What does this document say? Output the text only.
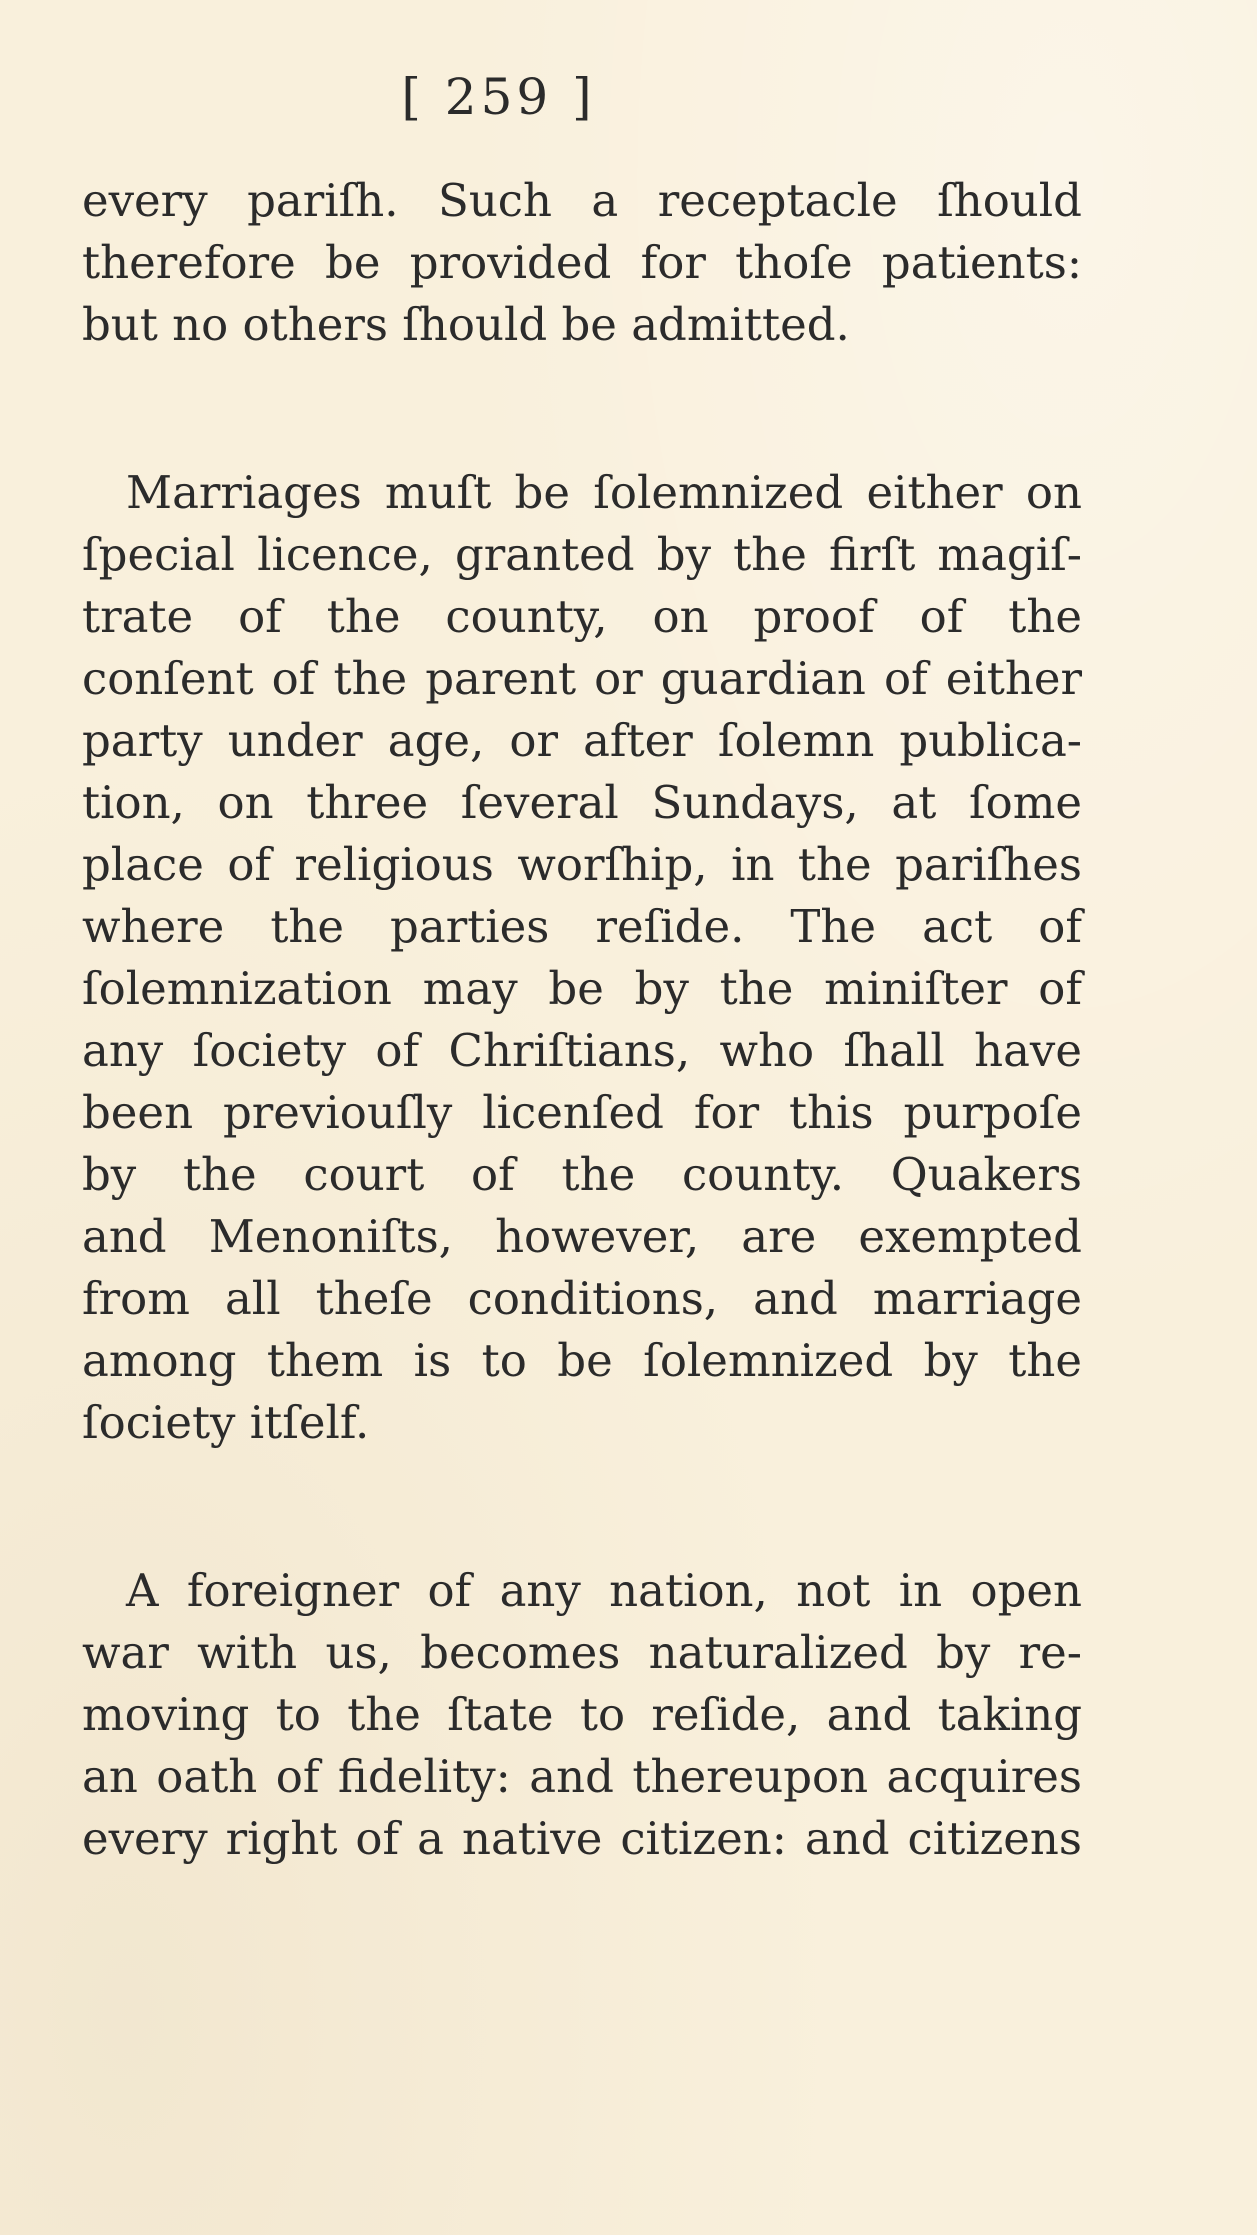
[ 259 ]
every pariſh. Such a receptacle ſhould
therefore be provided for thoſe patients:
but no others ſhould be admitted.
Marriages muſt be ſolemnized either on
ſpecial licence, granted by the firſt magiſ-
trate of the county, on proof of the
conſent of the parent or guardian of either
party under age, or after ſolemn publica-
tion, on three ſeveral Sundays, at ſome
place of religious worſhip, in the pariſhes
where the parties reſide. The act of
ſolemnization may be by the miniſter of
any ſociety of Chriſtians, who ſhall have
been previouſly licenſed for this purpoſe
by the court of the county. Quakers
and Menoniſts, however, are exempted
from all theſe conditions, and marriage
among them is to be ſolemnized by the
ſociety itſelf.
A foreigner of any nation, not in open
war with us, becomes naturalized by re-
moving to the ſtate to reſide, and taking
an oath of fidelity: and thereupon acquires
every right of a native citizen: and citizens
